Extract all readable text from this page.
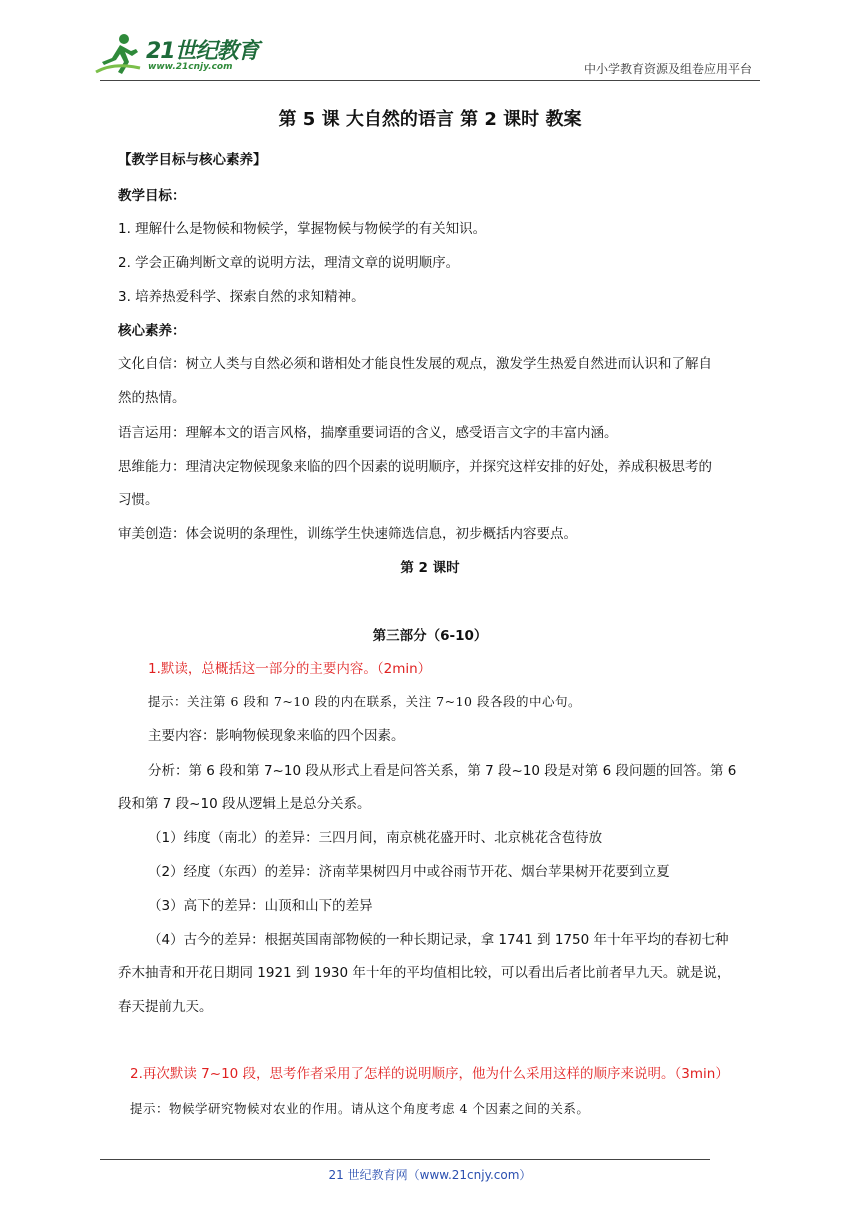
21世纪教育
www.21cnjy.com	中小学教育资源及组卷应用平台
第 5 课 大自然的语言 第 2 课时 教案
【教学目标与核心素养】
教学目标：
1. 理解什么是物候和物候学，掌握物候与物候学的有关知识。
2. 学会正确判断文章的说明方法，理清文章的说明顺序。
3. 培养热爱科学、探索自然的求知精神。
核心素养：
文化自信：树立人类与自然必须和谐相处才能良性发展的观点，激发学生热爱自然进而认识和了解自
然的热情。
语言运用：理解本文的语言风格，揣摩重要词语的含义，感受语言文字的丰富内涵。
思维能力：理清决定物候现象来临的四个因素的说明顺序，并探究这样安排的好处，养成积极思考的
习惯。
审美创造：体会说明的条理性，训练学生快速筛选信息，初步概括内容要点。
第 2 课时
第三部分（6-10）
1.默读，总概括这一部分的主要内容。（2min）
提示：关注第 6 段和 7~10 段的内在联系，关注 7~10 段各段的中心句。
主要内容：影响物候现象来临的四个因素。
分析：第 6 段和第 7~10 段从形式上看是问答关系，第 7 段~10 段是对第 6 段问题的回答。第 6
段和第 7 段~10 段从逻辑上是总分关系。
（1）纬度（南北）的差异：三四月间，南京桃花盛开时、北京桃花含苞待放
（2）经度（东西）的差异：济南苹果树四月中或谷雨节开花、烟台苹果树开花要到立夏
（3）高下的差异：山顶和山下的差异
（4）古今的差异：根据英国南部物候的一种长期记录，拿 1741 到 1750 年十年平均的春初七种
乔木抽青和开花日期同 1921 到 1930 年十年的平均值相比较，可以看出后者比前者早九天。就是说，
春天提前九天。
2.再次默读 7~10 段，思考作者采用了怎样的说明顺序，他为什么采用这样的顺序来说明。（3min）
提示：物候学研究物候对农业的作用。请从这个角度考虑 4 个因素之间的关系。
21 世纪教育网（www.21cnjy.com）
